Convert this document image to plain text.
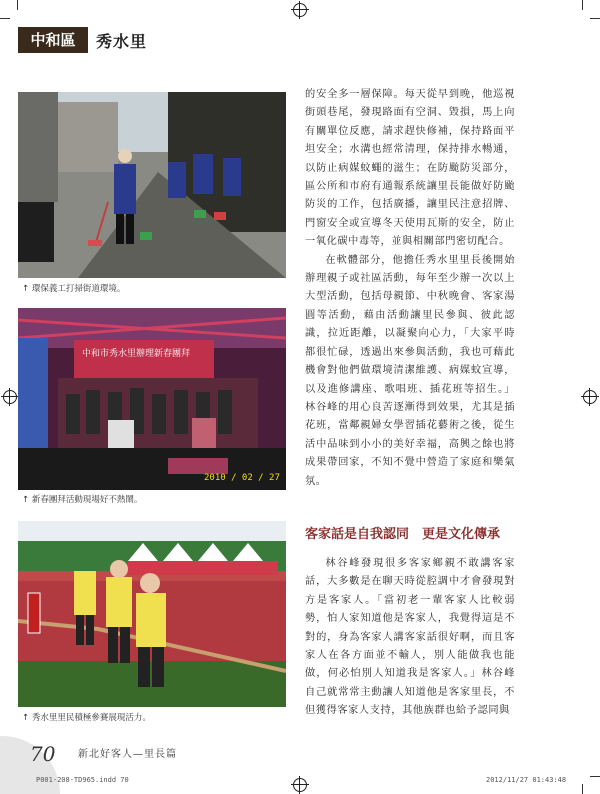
中和區	秀水里
↑ 環保義工打掃街道環境。
中和市秀水里辦理新春團拜
2010 / 02 / 27
↑ 新春團拜活動現場好不熱鬧。
↑ 秀水里里民積極參賽展現活力。

的安全多一層保障。每天從早到晚，他巡視街頭巷尾，發現路面有空洞、毀損，馬上向有關單位反應，請求趕快修補，保持路面平坦安全；水溝也經常清理，保持排水暢通，以防止病媒蚊蠅的滋生；在防颱防災部分，區公所和市府有通報系統讓里長能做好防颱防災的工作，包括廣播，讓里民注意招牌、門窗安全或宣導冬天使用瓦斯的安全，防止一氧化碳中毒等，並與相關部門密切配合。

在軟體部分，他擔任秀水里里長後開始辦理親子或社區活動，每年至少辦一次以上大型活動，包括母親節、中秋晚會、客家湯圓等活動，藉由活動讓里民參與、彼此認識，拉近距離，以凝聚向心力，「大家平時都很忙碌，透過出來參與活動，我也可藉此機會對他們做環境清潔維護、病媒蚊宣導，以及進修講座、歌唱班、插花班等招生。」林谷峰的用心良苦逐漸得到效果，尤其是插花班，當鄰親婦女學習插花藝術之後，從生活中品味到小小的美好幸福，高興之餘也將成果帶回家，不知不覺中營造了家庭和樂氣氛。

客家話是自我認同　更是文化傳承

林谷峰發現很多客家鄉親不敢講客家話，大多數是在聊天時從腔調中才會發現對方是客家人。「當初老一輩客家人比較弱勢，怕人家知道他是客家人，我覺得這是不對的，身為客家人講客家話很好啊，而且客家人在各方面並不輸人，別人能做我也能做，何必怕別人知道我是客家人。」林谷峰自己就常常主動讓人知道他是客家里長，不但獲得客家人支持，其他族群也給予認同與

70 新北好客人—里長篇
P001-208-TD965.indd 70	2012/11/27 01:43:48
